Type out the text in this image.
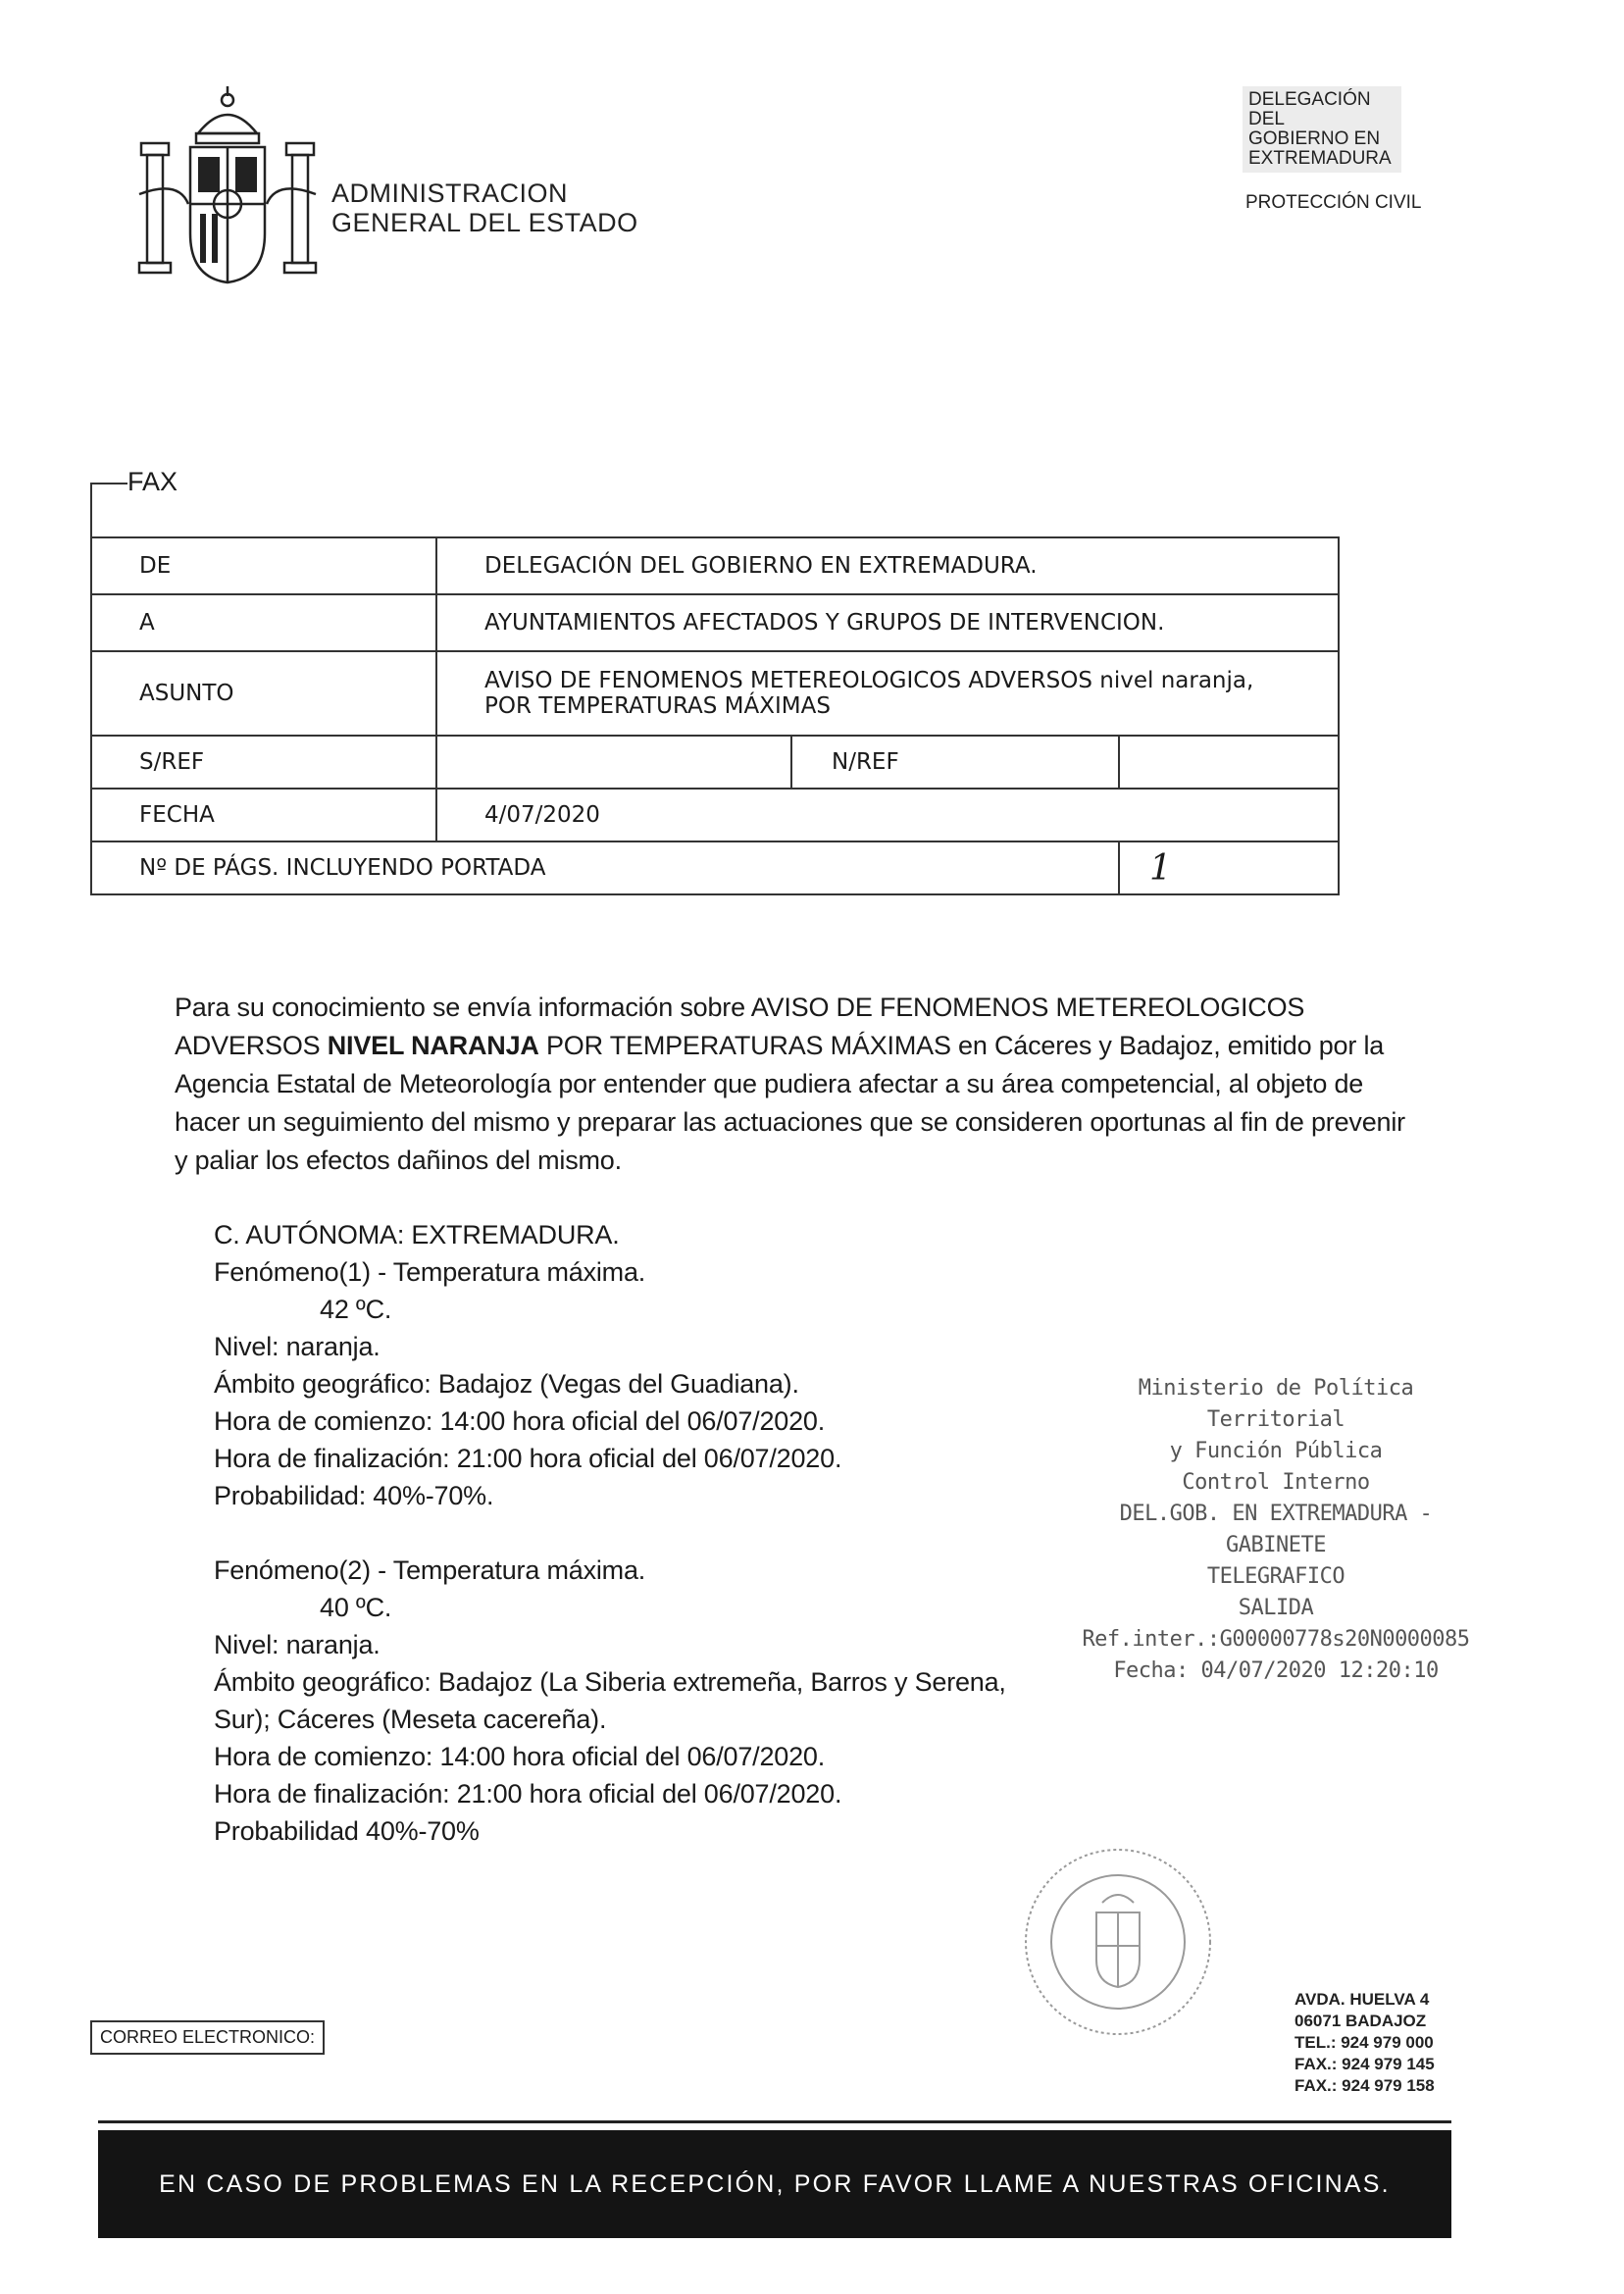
ADMINISTRACION
GENERAL DEL ESTADO
DELEGACIÓN DEL
GOBIERNO EN
EXTREMADURA
PROTECCIÓN CIVIL
FAX
DE	DELEGACIÓN DEL GOBIERNO EN EXTREMADURA.		
A	AYUNTAMIENTOS AFECTADOS Y GRUPOS DE INTERVENCION.		
ASUNTO	AVISO DE FENOMENOS METEREOLOGICOS ADVERSOS nivel naranja,
POR TEMPERATURAS MÁXIMAS		

S/REF		N/REF	
FECHA	4/07/2020		
Nº DE PÁGS. INCLUYENDO PORTADA			1
Para su conocimiento se envía información sobre AVISO DE FENOMENOS METEREOLOGICOS ADVERSOS NIVEL NARANJA POR TEMPERATURAS MÁXIMAS en Cáceres y Badajoz, emitido por la Agencia Estatal de Meteorología por entender que pudiera afectar a su área competencial, al objeto de hacer un seguimiento del mismo y preparar las actuaciones que se consideren oportunas al fin de prevenir y paliar los efectos dañinos del mismo.
C. AUTÓNOMA: EXTREMADURA.
Fenómeno(1) - Temperatura máxima.
42 ºC.
Nivel: naranja.
Ámbito geográfico: Badajoz (Vegas del Guadiana).
Hora de comienzo: 14:00 hora oficial del 06/07/2020.
Hora de finalización: 21:00 hora oficial del 06/07/2020.
Probabilidad: 40%-70%.
Fenómeno(2) - Temperatura máxima.
40 ºC.
Nivel: naranja.
Ámbito geográfico: Badajoz (La Siberia extremeña, Barros y Serena,
Sur); Cáceres (Meseta cacereña).
Hora de comienzo: 14:00 hora oficial del 06/07/2020.
Hora de finalización: 21:00 hora oficial del 06/07/2020.
Probabilidad 40%-70%
Ministerio de Política Territorial
y Función Pública
Control Interno
DEL.GOB. EN EXTREMADURA - GABINETE
TELEGRAFICO
SALIDA
Ref.inter.:G00000778s20N0000085
Fecha: 04/07/2020 12:20:10
CORREO ELECTRONICO:
AVDA. HUELVA 4
06071 BADAJOZ
TEL.: 924 979 000
FAX.: 924 979 145
FAX.: 924 979 158
EN CASO DE PROBLEMAS EN LA RECEPCIÓN, POR FAVOR LLAME A NUESTRAS OFICINAS.
